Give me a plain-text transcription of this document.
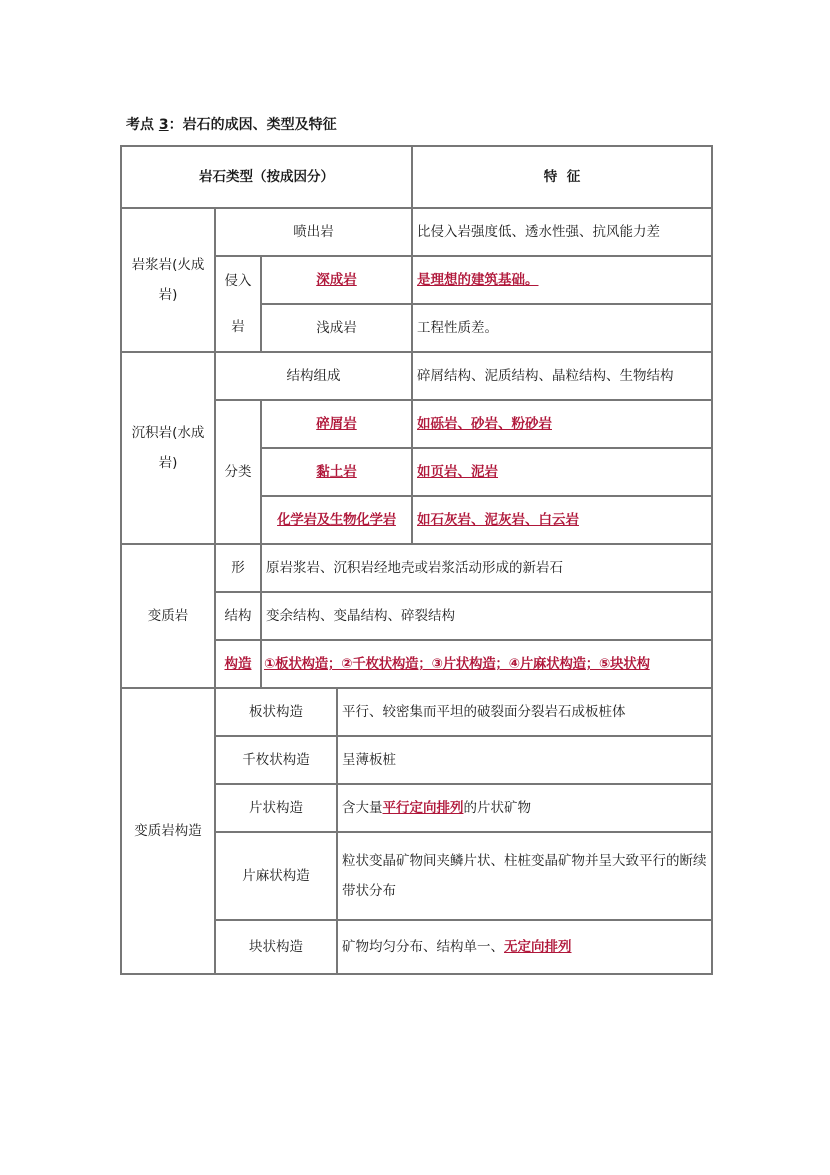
考点 3：岩石的成因、类型及特征
岩石类型（按成因分）				特  征
岩浆岩(火成岩)	喷出岩			比侵入岩强度低、透水性强、抗风能力差
	侵入岩	深成岩		是理想的建筑基础。
		浅成岩		工程性质差。
沉积岩(水成岩)	结构组成			碎屑结构、泥质结构、晶粒结构、生物结构
	分类	碎屑岩		如砾岩、砂岩、粉砂岩
		黏土岩		如页岩、泥岩
		化学岩及生物化学岩		如石灰岩、泥灰岩、白云岩
变质岩	形	原岩浆岩、沉积岩经地壳或岩浆活动形成的新岩石		
	结构	变余结构、变晶结构、碎裂结构		
	构造	①板状构造；②千枚状构造；③片状构造；④片麻状构造；⑤块状构		
变质岩构造	板状构造		平行、较密集而平坦的破裂面分裂岩石成板桩体	
	千枚状构造		呈薄板桩	
	片状构造		含大量平行定向排列的片状矿物	
	片麻状构造		粒状变晶矿物间夹鳞片状、柱桩变晶矿物并呈大致平行的断续带状分布	
	块状构造		矿物均匀分布、结构单一、无定向排列	
